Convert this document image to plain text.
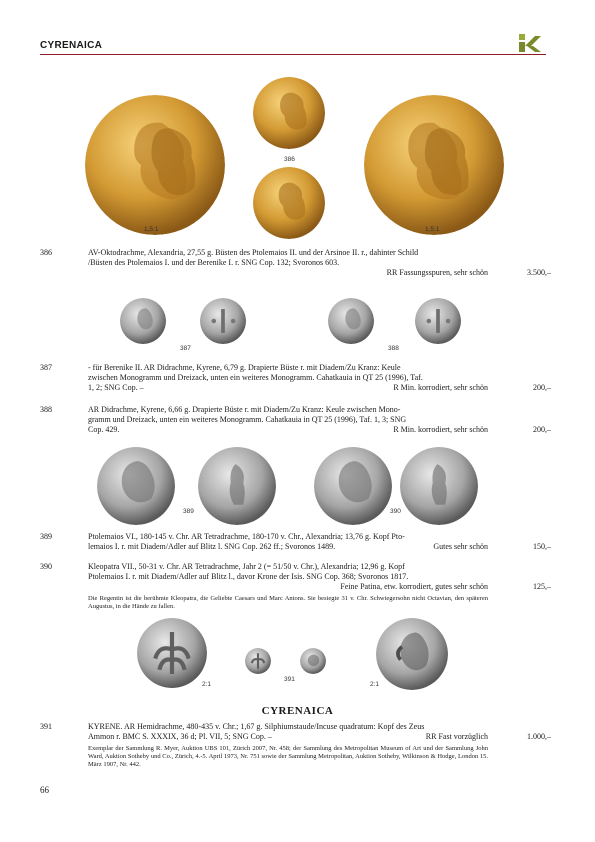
CYRENAICA
1,5:1
386
1,5:1
386	AV-Oktodrachme, Alexandria, 27,55 g. Büsten des Ptolemaios II. und der Arsinoe II. r., dahinter Schild
/Büsten des Ptolemaios I. und der Berenike I. r. SNG Cop. 132; Svoronos 603.
RR Fassungsspuren, sehr schön	3.500,–
387	388
387	- für Berenike II. AR Didrachme, Kyrene, 6,79 g. Drapierte Büste r. mit Diadem/Zu Kranz: Keule
zwischen Monogramm und Dreizack, unten ein weiteres Monogramm. Cahatkauia in QT 25 (1996), Taf.
1, 2; SNG Cop. –	R Min. korrodiert, sehr schön	200,–
388	AR Didrachme, Kyrene, 6,66 g. Drapierte Büste r. mit Diadem/Zu Kranz: Keule zwischen Mono-
gramm und Dreizack, unten ein weiteres Monogramm. Cahatkauia in QT 25 (1996), Taf. 1, 3; SNG
Cop. 429.	R Min. korrodiert, sehr schön	200,–
389	390
389	Ptolemaios VI., 180-145 v. Chr. AR Tetradrachme, 180-170 v. Chr., Alexandria; 13,76 g. Kopf Pto-
lemaios I. r. mit Diadem/Adler auf Blitz l. SNG Cop. 262 ff.; Svoronos 1489.	Gutes sehr schön	150,–
390	Kleopatra VII., 50-31 v. Chr. AR Tetradrachme, Jahr 2 (= 51/50 v. Chr.), Alexandria; 12,96 g. Kopf
Ptolemaios I. r. mit Diadem/Adler auf Blitz l., davor Krone der Isis. SNG Cop. 368; Svoronos 1817.
Feine Patina, etw. korrodiert, gutes sehr schön	125,–
Die Regentin ist die berühmte Kleopatra, die Geliebte Caesars und Marc Antons. Sie besiegte 31 v. Chr. Schwiegersohn nicht Octavian, den späteren Augustus, in die Hände zu fallen.
2:1
391
2:1
CYRENAICA
391	KYRENE. AR Hemidrachme, 480-435 v. Chr.; 1,67 g. Silphiumstaude/Incuse quadratum: Kopf des Zeus
Ammon r. BMC S. XXXIX, 36 d; Pl. VII, 5; SNG Cop. –	RR Fast vorzüglich	1.000,–
Exemplar der Sammlung R. Myer, Auktion UBS 101, Zürich 2007, Nr. 458; der Sammlung des Metropolitan Museum of Art und der Sammlung John Ward, Auktion Sotheby und Co., Zürich, 4.-5. April 1973, Nr. 751 sowie der Sammlung Metropolitan, Auktion Sotheby, Wilkinson & Hodge, London 15. März 1907, Nr. 442.
66
